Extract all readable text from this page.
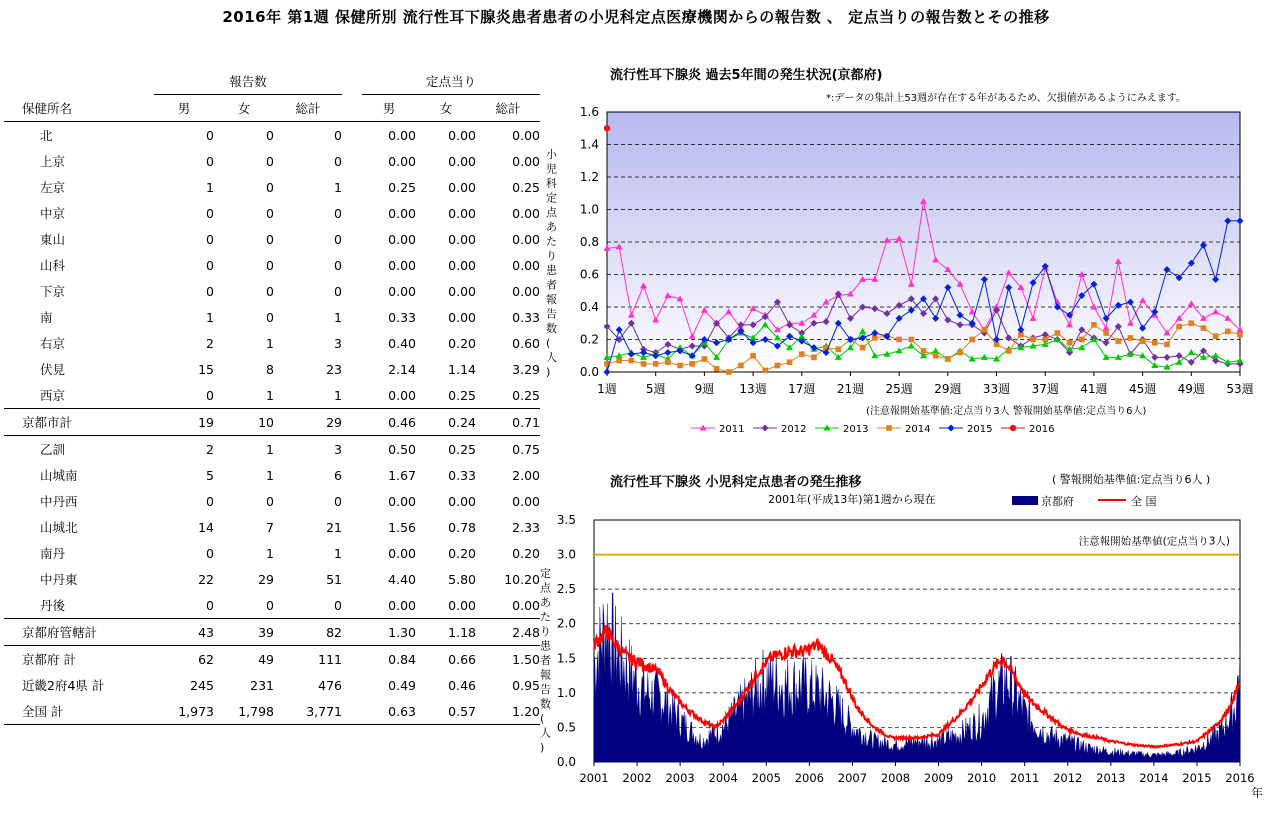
2016年 第1週 保健所別 流行性耳下腺炎患者患者の小児科定点医療機関からの報告数 、 定点当りの報告数とその推移
	報告数				定点当り		
保健所名	男	女	総計		男	女	総計
北	0	0	0		0.00	0.00	0.00
上京	0	0	0		0.00	0.00	0.00
左京	1	0	1		0.25	0.00	0.25
中京	0	0	0		0.00	0.00	0.00
東山	0	0	0		0.00	0.00	0.00
山科	0	0	0		0.00	0.00	0.00
下京	0	0	0		0.00	0.00	0.00
南	1	0	1		0.33	0.00	0.33
右京	2	1	3		0.40	0.20	0.60
伏見	15	8	23		2.14	1.14	3.29
西京	0	1	1		0.00	0.25	0.25
京都市計	19	10	29		0.46	0.24	0.71
乙訓	2	1	3		0.50	0.25	0.75
山城南	5	1	6		1.67	0.33	2.00
中丹西	0	0	0		0.00	0.00	0.00
山城北	14	7	21		1.56	0.78	2.33
南丹	0	1	1		0.00	0.20	0.20
中丹東	22	29	51		4.40	5.80	10.20
丹後	0	0	0		0.00	0.00	0.00
京都府管轄計	43	39	82		1.30	1.18	2.48
京都府 計	62	49	111		0.84	0.66	1.50
近畿2府4県 計	245	231	476		0.49	0.46	0.95
全国 計	1,973	1,798	3,771		0.63	0.57	1.20
流行性耳下腺炎 過去5年間の発生状況(京都府)
*:データの集計上53週が存在する年があるため、欠損値があるようにみえます。
(注意報開始基準値:定点当り3人 警報開始基準値:定点当り6人)
0.0
0.2
0.4
0.6
0.8
1.0
1.2
1.4
1.6
1週 5週 9週 13週 17週 21週 25週 29週 33週 37週 41週 45週 49週 53週
小児科定点あたり患者報告数(人)
2011	2012	2013	2014	2015	2016
流行性耳下腺炎 小児科定点患者の発生推移
2001年(平成13年)第1週から現在
( 警報開始基準値:定点当り6人 )
0.0
0.5
1.0
1.5
2.0
2.5
3.0
3.5
2001 2002 2003 2004 2005 2006 2007 2008 2009 2010 2011 2012 2013 2014 2015 2016
年
定点あたり患者報告数(人)
注意報開始基準値(定点当り3人)
京都府	全 国
